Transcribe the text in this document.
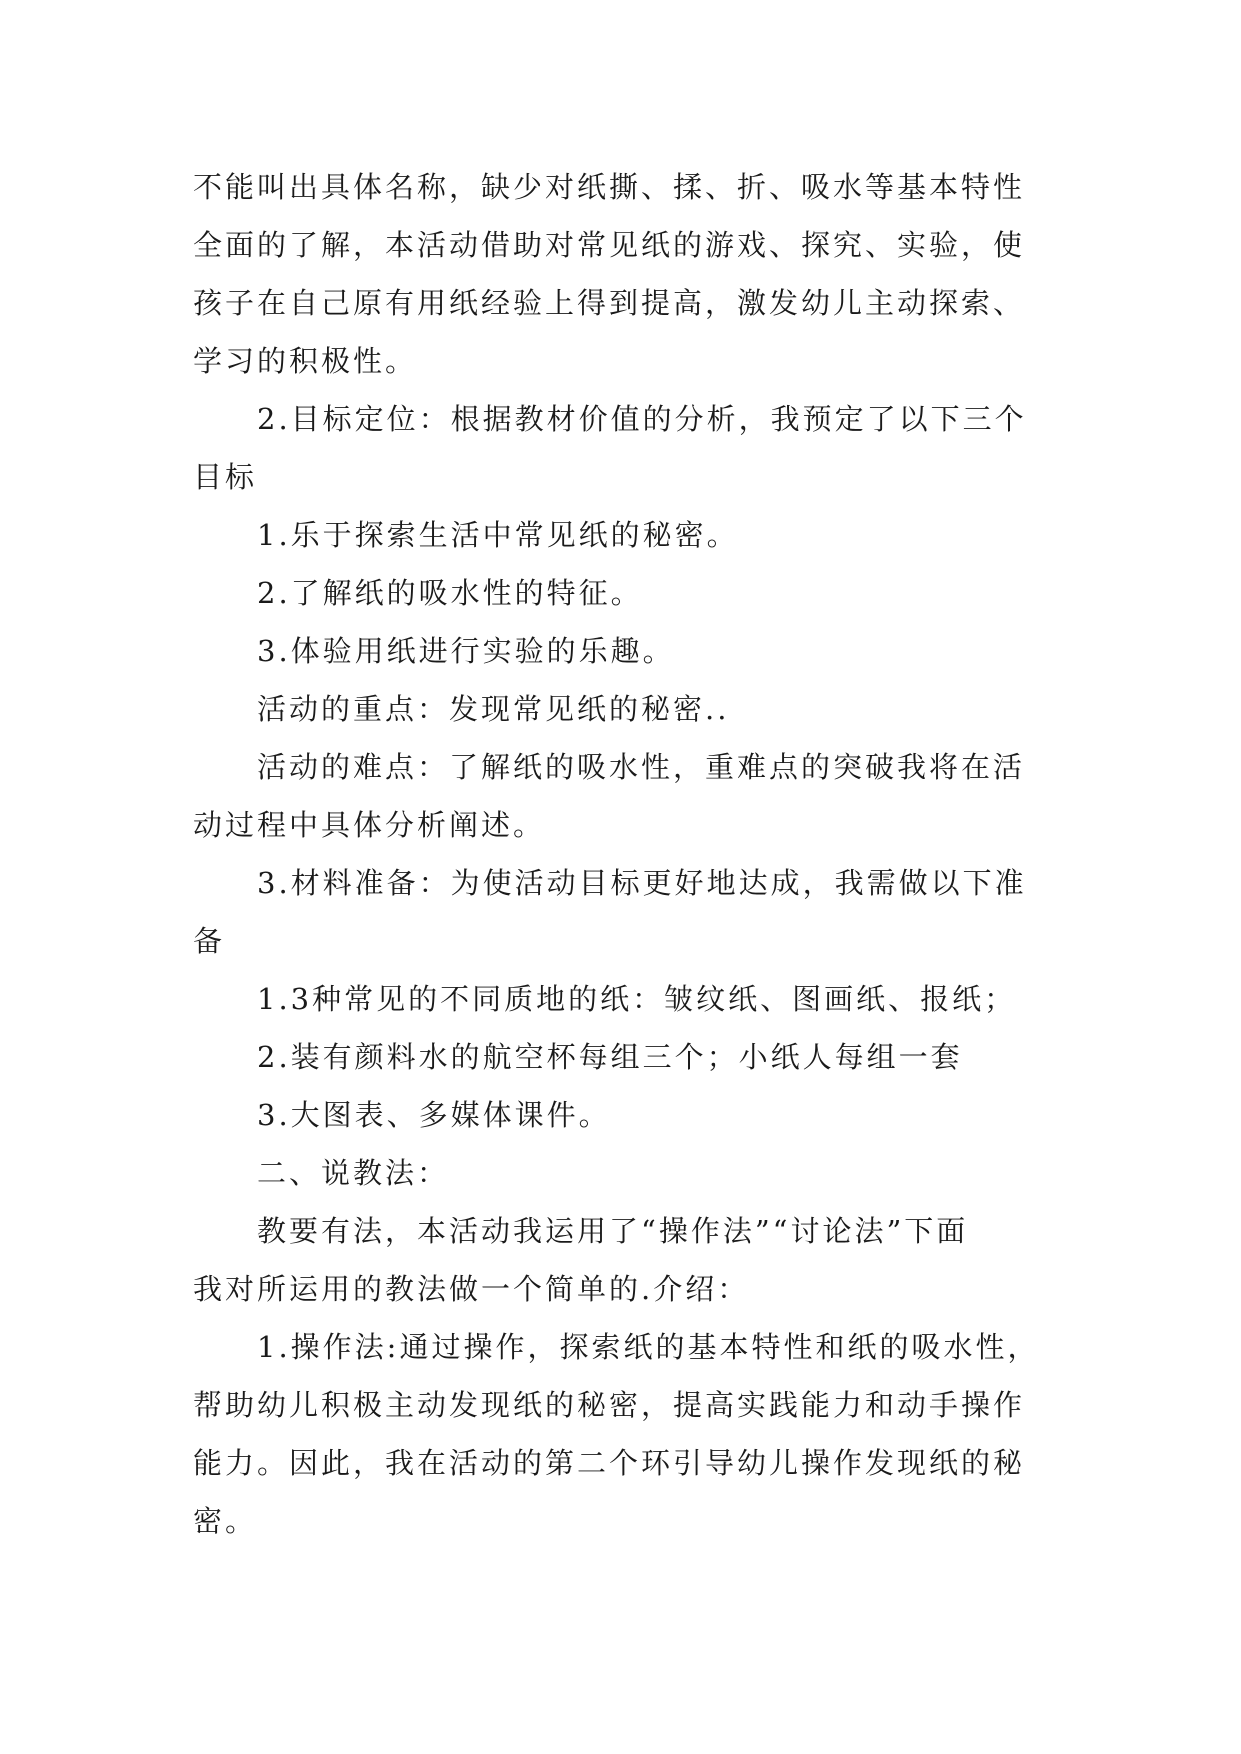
不能叫出具体名称，缺少对纸撕、揉、折、吸水等基本特性
全面的了解，本活动借助对常见纸的游戏、探究、实验，使
孩子在自己原有用纸经验上得到提高，激发幼儿主动探索、
学习的积极性。
2.目标定位：根据教材价值的分析，我预定了以下三个
目标
1.乐于探索生活中常见纸的秘密。
2.了解纸的吸水性的特征。
3.体验用纸进行实验的乐趣。
活动的重点：发现常见纸的秘密..
活动的难点：了解纸的吸水性，重难点的突破我将在活
动过程中具体分析阐述。
3.材料准备：为使活动目标更好地达成，我需做以下准
备
1.3种常见的不同质地的纸：皱纹纸、图画纸、报纸；
2.装有颜料水的航空杯每组三个；小纸人每组一套
3.大图表、多媒体课件。
二、说教法：
教要有法，本活动我运用了“操作法”“讨论法”下面
我对所运用的教法做一个简单的.介绍：
1.操作法:通过操作，探索纸的基本特性和纸的吸水性，
帮助幼儿积极主动发现纸的秘密，提高实践能力和动手操作
能力。因此，我在活动的第二个环引导幼儿操作发现纸的秘
密。
